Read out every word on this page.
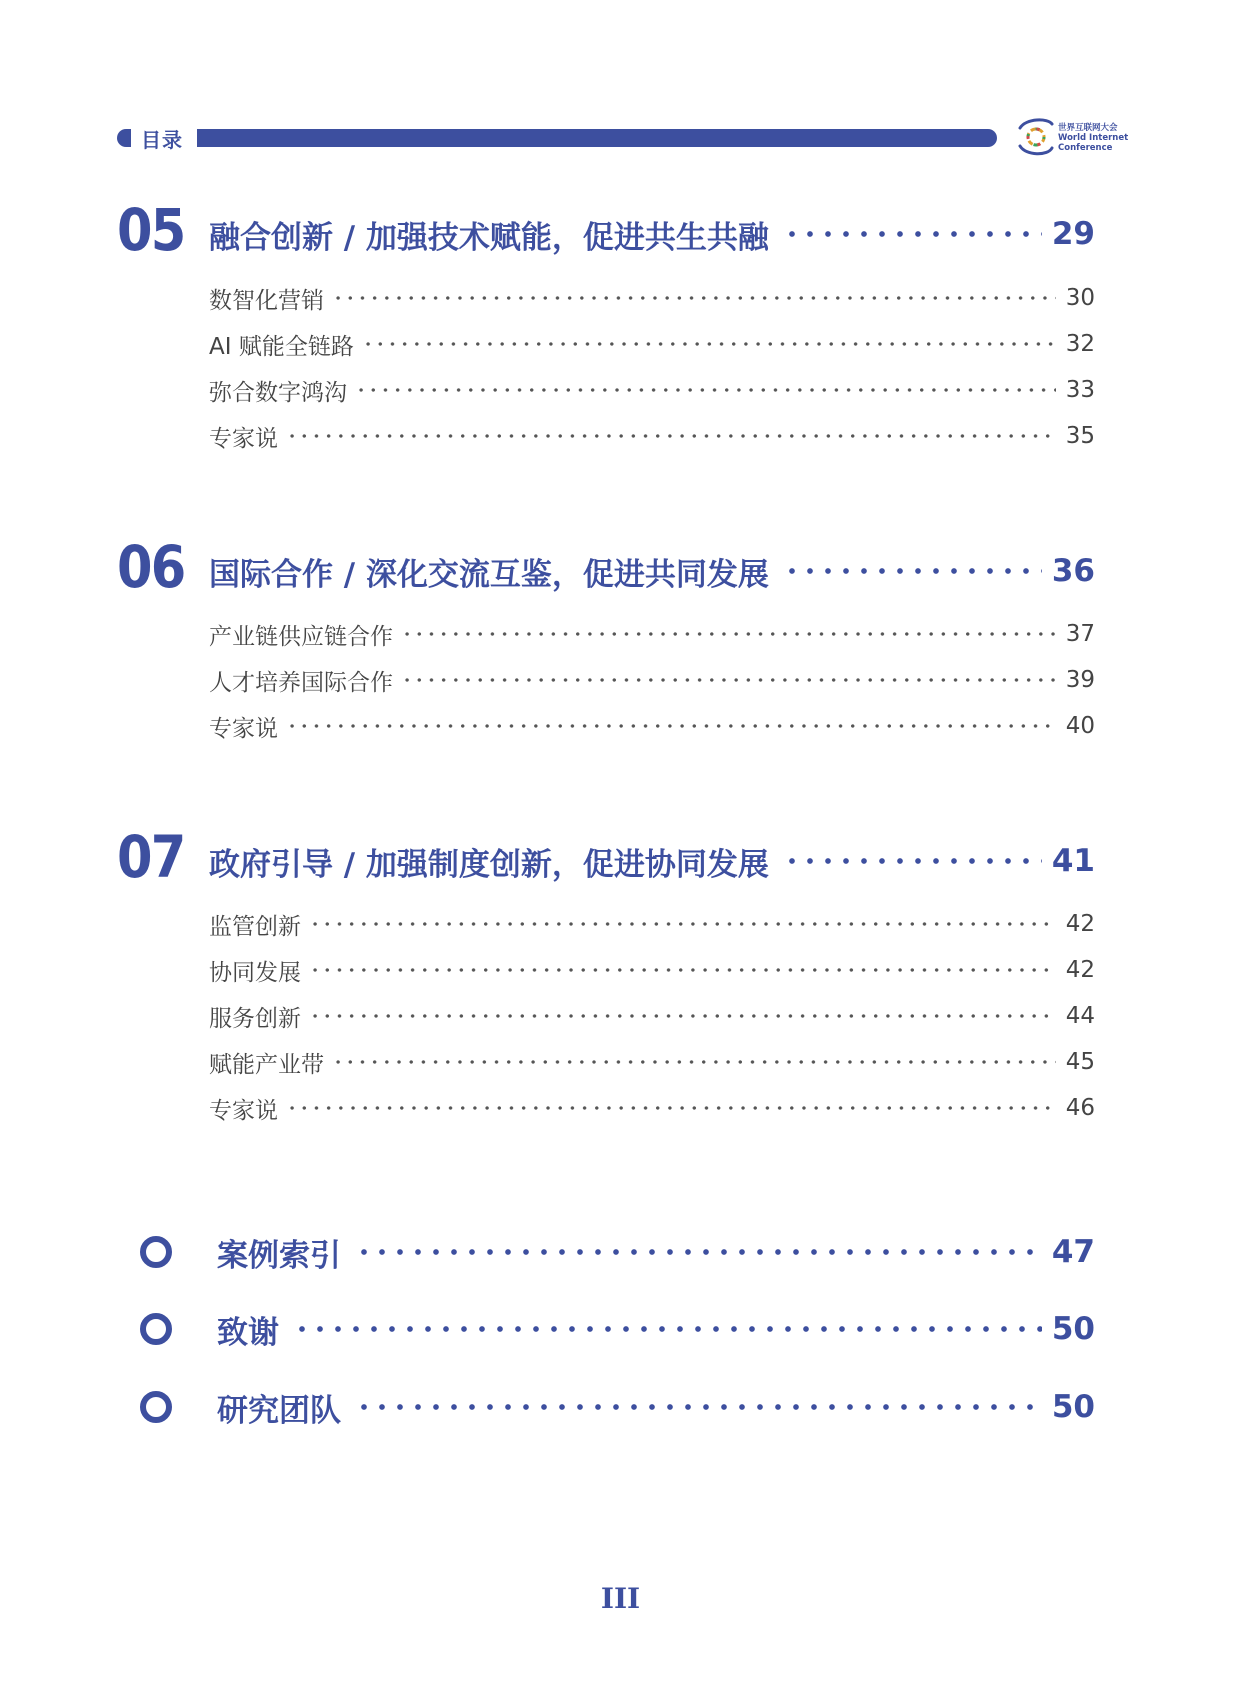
目录	世界互联网大会
World Internet
Conference
05 融合创新 / 加强技术赋能，促进共生共融	29
数智化营销	30
AI 赋能全链路	32
弥合数字鸿沟	33
专家说	35
06 国际合作 / 深化交流互鉴，促进共同发展	36
产业链供应链合作	37
人才培养国际合作	39
专家说	40
07 政府引导 / 加强制度创新，促进协同发展	41
监管创新	42
协同发展	42
服务创新	44
赋能产业带	45
专家说	46
案例索引	47
致谢	50
研究团队	50
III
